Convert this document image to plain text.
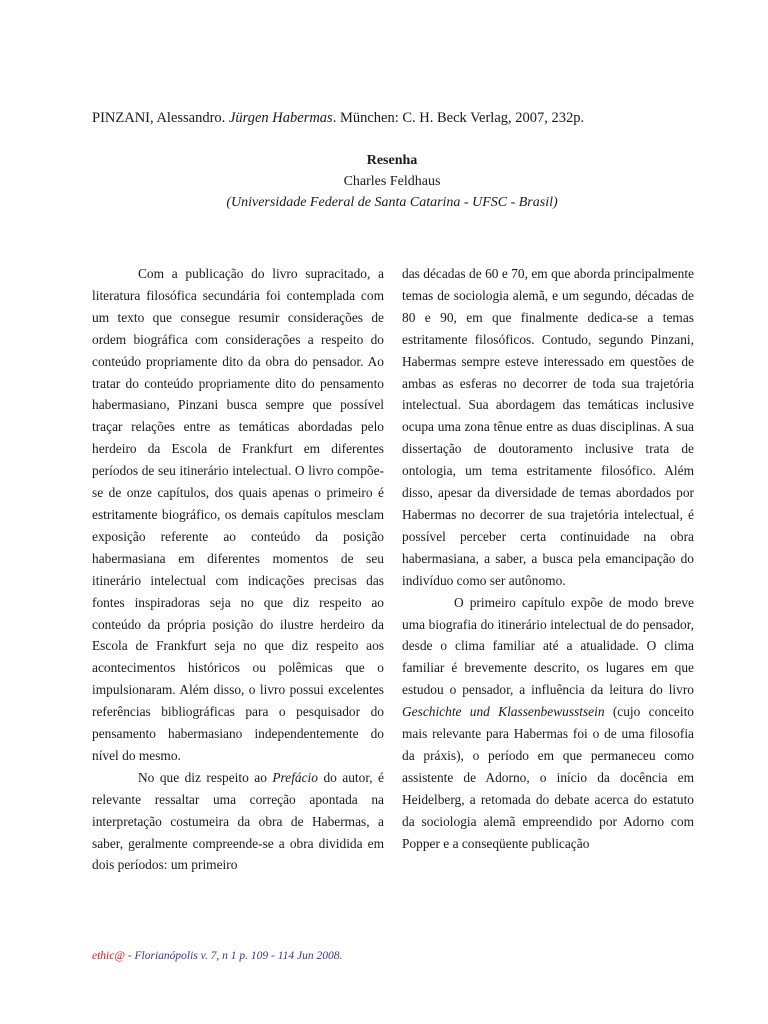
PINZANI, Alessandro. Jürgen Habermas. München: C. H. Beck Verlag, 2007, 232p.
Resenha
Charles Feldhaus
(Universidade Federal de Santa Catarina - UFSC - Brasil)

Com a publicação do livro supracitado, a literatura filosófica secundária foi contemplada com um texto que consegue resumir considerações de ordem biográfica com considerações a respeito do conteúdo propriamente dito da obra do pensador. Ao tratar do conteúdo propriamente dito do pensamento habermasiano, Pinzani busca sempre que possível traçar relações entre as temáticas abordadas pelo herdeiro da Escola de Frankfurt em diferentes períodos de seu itinerário intelectual. O livro compõe-se de onze capítulos, dos quais apenas o primeiro é estritamente biográfico, os demais capítulos mesclam exposição referente ao conteúdo da posição habermasiana em diferentes momentos de seu itinerário intelectual com indicações precisas das fontes inspiradoras seja no que diz respeito ao conteúdo da própria posição do ilustre herdeiro da Escola de Frankfurt seja no que diz respeito aos acontecimentos históricos ou polêmicas que o impulsionaram. Além disso, o livro possui excelentes referências bibliográficas para o pesquisador do pensamento habermasiano independentemente do nível do mesmo.

No que diz respeito ao Prefácio do autor, é relevante ressaltar uma correção apontada na interpretação costumeira da obra de Habermas, a saber, geralmente compreende-se a obra dividida em dois períodos: um primeiro

das décadas de 60 e 70, em que aborda principalmente temas de sociologia alemã, e um segundo, décadas de 80 e 90, em que finalmente dedica-se a temas estritamente filosóficos. Contudo, segundo Pinzani, Habermas sempre esteve interessado em questões de ambas as esferas no decorrer de toda sua trajetória intelectual. Sua abordagem das temáticas inclusive ocupa uma zona tênue entre as duas disciplinas. A sua dissertação de doutoramento inclusive trata de ontologia, um tema estritamente filosófico. Além disso, apesar da diversidade de temas abordados por Habermas no decorrer de sua trajetória intelectual, é possível perceber certa continuidade na obra habermasiana, a saber, a busca pela emancipação do indivíduo como ser autônomo.

O primeiro capítulo expõe de modo breve uma biografia do itinerário intelectual de do pensador, desde o clima familiar até a atualidade. O clima familiar é brevemente descrito, os lugares em que estudou o pensador, a influência da leitura do livro Geschichte und Klassenbewusstsein (cujo conceito mais relevante para Habermas foi o de uma filosofia da práxis), o período em que permaneceu como assistente de Adorno, o início da docência em Heidelberg, a retomada do debate acerca do estatuto da sociologia alemã empreendido por Adorno com Popper e a conseqüente publicação

ethic@ - Florianópolis v. 7, n 1 p. 109 - 114 Jun 2008.
